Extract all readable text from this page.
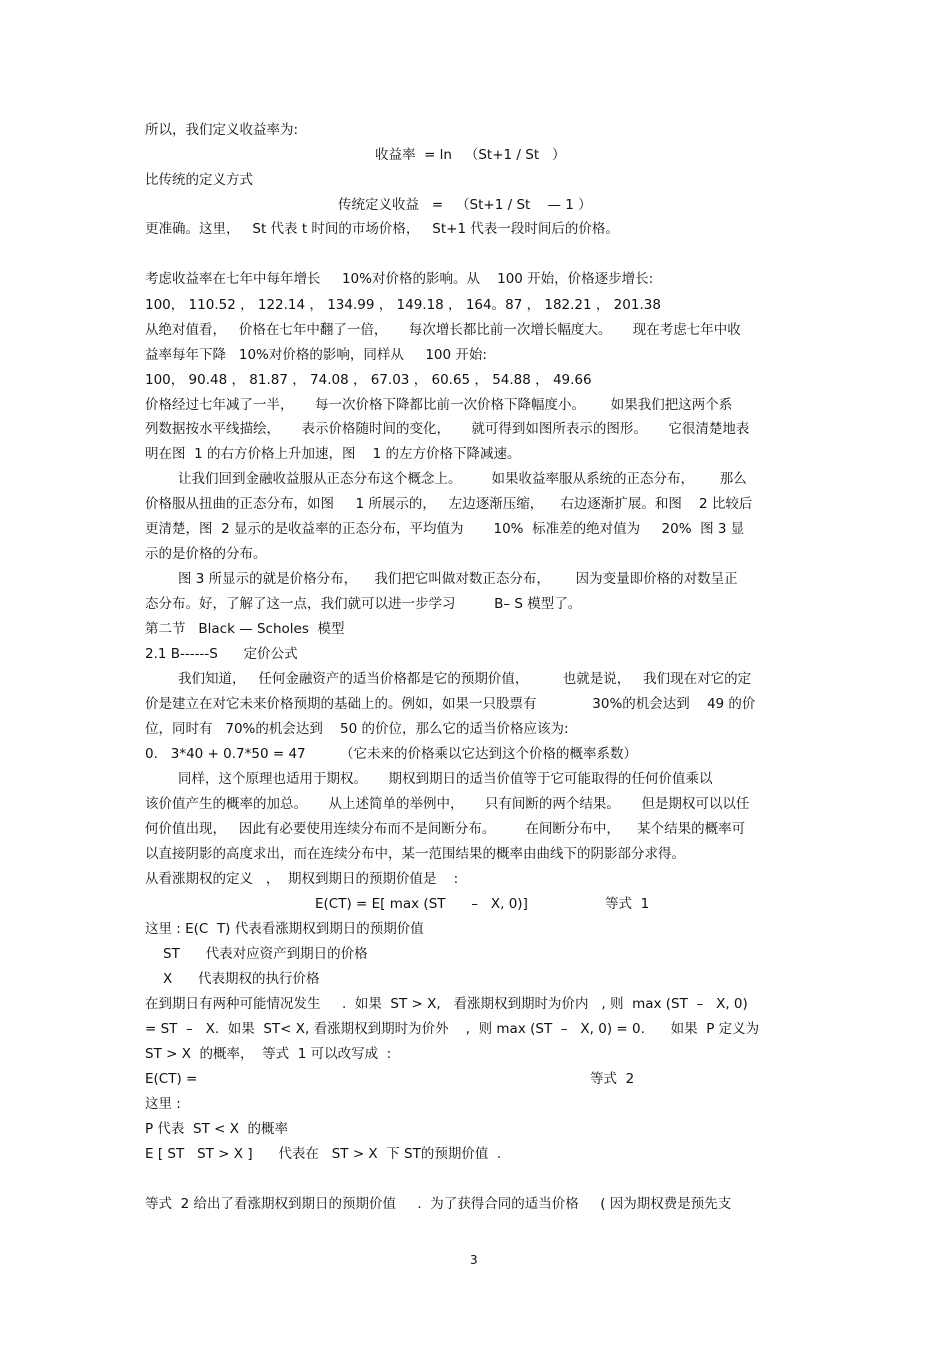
所以，我们定义收益率为:
收益率  = ln   （St+1 / St   ）
比传统的定义方式
传统定义收益   =   （St+1 / St    — 1 ）
更准确。这里，   St 代表 t 时间的市场价格，   St+1 代表一段时间后的价格。
考虑收益率在七年中每年增长     10%对价格的影响。从    100 开始，价格逐步增长:
100， 110.52 ， 122.14 ， 134.99 ， 149.18 ， 164。87 ， 182.21 ， 201.38
从绝对值看，   价格在七年中翻了一倍，     每次增长都比前一次增长幅度大。     现在考虑七年中收
益率每年下降   10%对价格的影响，同样从     100 开始:
100， 90.48 ， 81.87 ， 74.08 ， 67.03 ， 60.65 ， 54.88 ， 49.66
价格经过七年减了一半，     每一次价格下降都比前一次价格下降幅度小。      如果我们把这两个系
列数据按水平线描绘，     表示价格随时间的变化，     就可得到如图所表示的图形。     它很清楚地表
明在图  1 的右方价格上升加速，图    1 的左方价格下降减速。
让我们回到金融收益服从正态分布这个概念上。       如果收益率服从系统的正态分布，      那么
价格服从扭曲的正态分布，如图     1 所展示的，   左边逐渐压缩，    右边逐渐扩展。和图    2 比较后
更清楚，图  2 显示的是收益率的正态分布，平均值为       10%  标准差的绝对值为     20%  图 3 显
示的是价格的分布。
图 3 所显示的就是价格分布，    我们把它叫做对数正态分布，      因为变量即价格的对数呈正
态分布。好，了解了这一点，我们就可以进一步学习         B– S 模型了。
第二节   Black — Scholes  模型
2.1 B------S      定价公式
我们知道，   任何金融资产的适当价格都是它的预期价值，        也就是说，   我们现在对它的定
价是建立在对它未来价格预期的基础上的。例如，如果一只股票有             30%的机会达到    49 的价
位，同时有   70%的机会达到    50 的价位，那么它的适当价格应该为:
0.   3*40 + 0.7*50 = 47        （它未来的价格乘以它达到这个价格的概率系数）
同样，这个原理也适用于期权。     期权到期日的适当价值等于它可能取得的任何价值乘以
该价值产生的概率的加总。     从上述简单的举例中，     只有间断的两个结果。     但是期权可以以任
何价值出现，   因此有必要使用连续分布而不是间断分布。       在间断分布中，    某个结果的概率可
以直接阴影的高度求出，而在连续分布中，某一范围结果的概率由曲线下的阴影部分求得。
从看涨期权的定义   ，  期权到期日的预期价值是    :
E(CT) = E[ max (ST      –   X, 0)]	等式  1
这里 : E(C  T) 代表看涨期权到期日的预期价值
ST      代表对应资产到期日的价格
X      代表期权的执行价格
在到期日有两种可能情况发生     .  如果  ST > X,   看涨期权到期时为价内   , 则  max (ST  –   X, 0)
= ST  –   X.  如果  ST< X, 看涨期权到期时为价外    ,  则 max (ST  –   X, 0) = 0.      如果  P 定义为
ST > X  的概率，  等式  1 可以改写成  :
E(CT) =	等式  2
这里 :
P 代表  ST < X  的概率
E [ ST   ST > X ]      代表在   ST > X  下 ST的预期价值  .
等式  2 给出了看涨期权到期日的预期价值     .  为了获得合同的适当价格     ( 因为期权费是预先支
3
